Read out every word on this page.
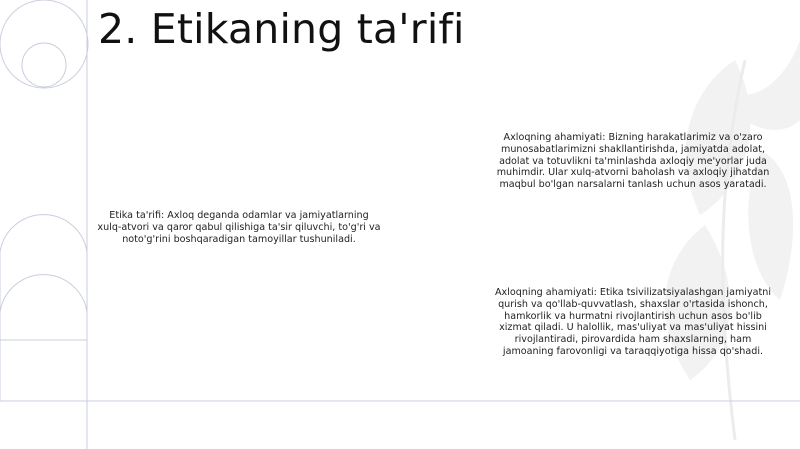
2. Etikaning ta'rifi

Etika ta'rifi: Axloq deganda odamlar va jamiyatlarning xulq-atvori va qaror qabul qilishiga ta'sir qiluvchi, to'g'ri va noto'g'rini boshqaradigan tamoyillar tushuniladi.

Axloqning ahamiyati: Bizning harakatlarimiz va o'zaro munosabatlarimizni shakllantirishda, jamiyatda adolat, adolat va totuvlikni ta'minlashda axloqiy me'yorlar juda muhimdir. Ular xulq-atvorni baholash va axloqiy jihatdan maqbul bo'lgan narsalarni tanlash uchun asos yaratadi.

Axloqning ahamiyati: Etika tsivilizatsiyalashgan jamiyatni qurish va qo'llab-quvvatlash, shaxslar o'rtasida ishonch, hamkorlik va hurmatni rivojlantirish uchun asos bo'lib xizmat qiladi. U halollik, mas'uliyat va mas'uliyat hissini rivojlantiradi, pirovardida ham shaxslarning, ham jamoaning farovonligi va taraqqiyotiga hissa qo'shadi.
